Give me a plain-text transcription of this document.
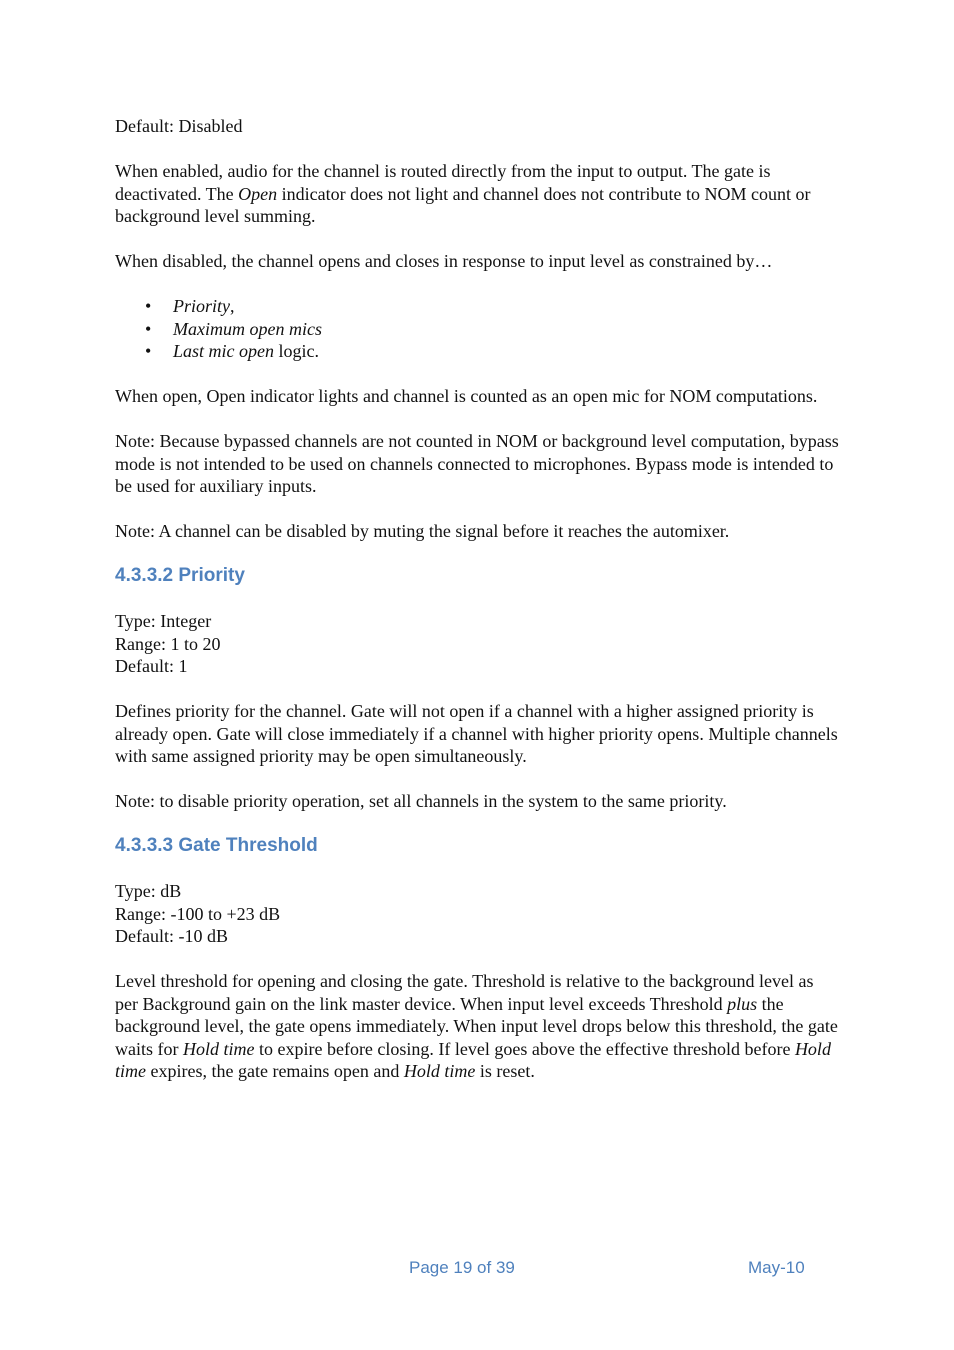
Default: Disabled

When enabled, audio for the channel is routed directly from the input to output. The gate is

deactivated. The Open indicator does not light and channel does not contribute to NOM count or

background level summing.

When disabled, the channel opens and closes in response to input level as constrained by…

• Priority,
• Maximum open mics
• Last mic open logic.

When open, Open indicator lights and channel is counted as an open mic for NOM computations.

Note: Because bypassed channels are not counted in NOM or background level computation, bypass mode is not intended to be used on channels connected to microphones. Bypass mode is intended to be used for auxiliary inputs.

Note: A channel can be disabled by muting the signal before it reaches the automixer.

4.3.3.2 Priority

Type: Integer

Range: 1 to 20

Default: 1

Defines priority for the channel. Gate will not open if a channel with a higher assigned priority is already open. Gate will close immediately if a channel with higher priority opens. Multiple channels with same assigned priority may be open simultaneously.

Note: to disable priority operation, set all channels in the system to the same priority.

4.3.3.3 Gate Threshold

Type: dB

Range: -100 to +23 dB

Default: -10 dB

Level threshold for opening and closing the gate. Threshold is relative to the background level as per Background gain on the link master device. When input level exceeds Threshold plus the background level, the gate opens immediately. When input level drops below this threshold, the gate waits for Hold time to expire before closing. If level goes above the effective threshold before Hold time expires, the gate remains open and Hold time is reset.

Page 19 of 39	May-10
